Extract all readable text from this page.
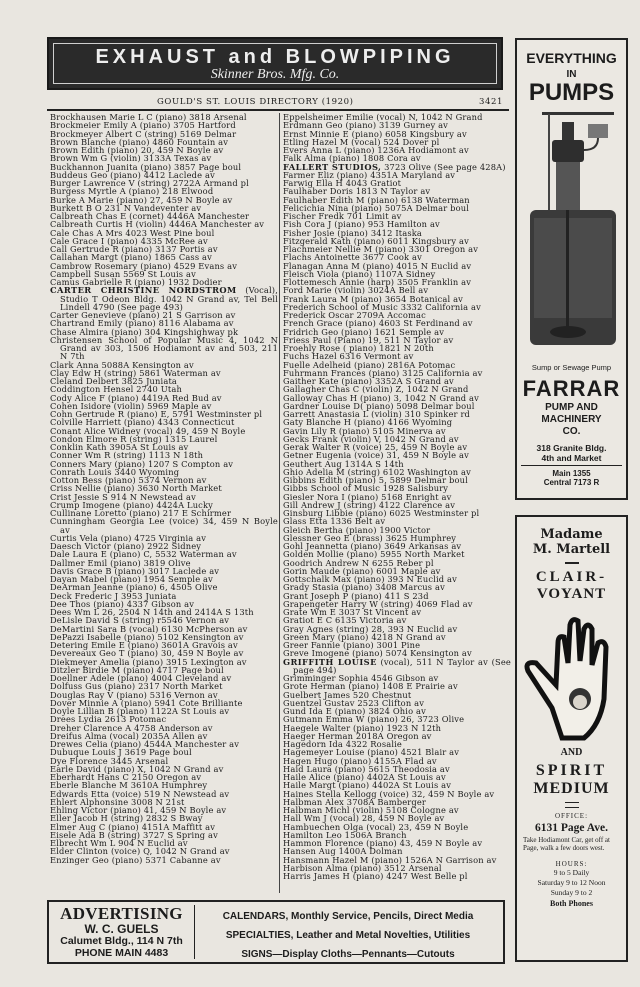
EXHAUST and BLOWPIPING
Skinner Bros. Mfg. Co.
GOULD'S ST. LOUIS DIRECTORY (1920)	3421
Brockhausen Marie L C (piano) 3818 Arsenal
Brockmeier Emily A (piano) 3705 Hartford
Brockmeyer Albert C (string) 5169 Delmar
Brown Blanche (piano) 4860 Fountain av
Brown Edith (piano) 20, 459 N Boyle av
Brown Wm G (violin) 3133A Texas av
Buckhannon Juanita (piano) 3857 Page boul
Buddeus Geo (piano) 4412 Laclede av
Burger Lawrence V (string) 2722A Armand pl
Burgess Myrtle A (piano) 218 Elwood
Burke A Marie (piano) 27, 459 N Boyle av
Burkett B O 231 N Vandeventer av
Calbreath Chas E (cornet) 4446A Manchester
Calbreath Curtis H (violin) 4446A Manchester av
Cale Chas A Mrs 4023 West Pine boul
Cale Grace I (piano) 4335 McRee av
Call Gertrude R (piano) 3137 Portis av
Callahan Margt (piano) 1865 Cass av
Cambrow Rosemary (piano) 4529 Evans av
Campbell Susan 5569 St Louis av
Camus Gabrielle R (piano) 1932 Dodier
CARTER CHRISTINE NORDSTROM (Vocal), Studio T Odeon Bldg. 1042 N Grand av, Tel Bell Lindell 4790 (See page 493)
Carter Genevieve (piano) 21 S Garrison av
Chartrand Emily (piano) 8116 Alabama av
Chase Almira (piano) 304 Kingshighway pk
Christensen School of Popular Music 4, 1042 N Grand av 303, 1506 Hodiamont av and 503, 211 N 7th
Clark Anna 5088A Kensington av
Clay Edw H (string) 5861 Waterman av
Cleland Delbert 3825 Juniata
Coddington Hensel 2740 Utah
Cody Alice F (piano) 4419A Red Bud av
Cohen Isidore (violin) 5969 Maple av
Cohn Gertrude R (piano) E, 5791 Westminster pl
Colville Harriett (piano) 4343 Connecticut
Conant Alice Widney (vocal) 49, 459 N Boyle
Condon Elmore R (string) 1315 Laurel
Conklin Kath 3905A St Louis av
Conner Wm R (string) 1113 N 18th
Conners Mary (piano) 1207 S Compton av
Conrath Louis 3440 Wyoming
Cotton Bess (piano) 5374 Vernon av
Criss Nellie (piano) 3630 North Market
Crist Jessie S 914 N Newstead av
Crump Imogene (piano) 4424A Lucky
Cullinane Loretto (piano) 217 E Schirmer
Cunningham Georgia Lee (voice) 34, 459 N Boyle av
Curtis Vela (piano) 4725 Virginia av
Daesch Victor (piano) 2922 Sidney
Dale Laura E (piano) C, 5532 Waterman av
Dallmer Emil (piano) 3819 Olive
Davis Grace B (piano) 3017 Laclede av
Dayan Mabel (piano) 1954 Semple av
DeArman Jeanne (piano) 6, 4505 Olive
Deck Frederic J 3953 Juniata
Dee Thos (piano) 4337 Gibson av
Dees Wm L 26, 2504 N 14th and 2414A S 13th
DeLisle David S (string) r5546 Vernon av
DeMartini Sara B (vocal) 6130 McPherson av
DePazzi Isabelle (piano) 5102 Kensington av
Detering Emile E (piano) 3601A Gravois av
Devereaux Geo T (piano) 30, 459 N Boyle av
Diekmeyer Amelia (piano) 3915 Lexington av
Ditzler Birdie M (piano) 4717 Page boul
Doellner Adele (piano) 4004 Cleveland av
Dolfuss Gus (piano) 2317 North Market
Douglas Ray V (piano) 5316 Vernon av
Dover Minnie A (piano) 5941 Cote Brilliante
Doyle Lillian B (piano) 1122A St Louis av
Drees Lydia 2613 Potomac
Dreher Clarence A 4758 Anderson av
Dreifus Alma (vocal) 2035A Allen av
Drewes Celia (piano) 4544A Manchester av
Dubuque Louis J 3619 Page boul
Dye Florence 3445 Arsenal
Earle David (piano) X, 1042 N Grand av
Eberhardt Hans C 2150 Oregon av
Eberle Blanche M 3610A Humphrey
Edwards Etta (voice) 519 N Newstead av
Ehlert Alphonsine 3008 N 21st
Ehling Victor (piano) 41, 459 N Boyle av
Eller Jacob H (string) 2832 S Bway
Elmer Aug C (piano) 4151A Maffitt av
Eisele Ada B (string) 3727 S Spring av
Elbrecht Wm L 904 N Euclid av
Elder Clinton (voice) Q, 1042 N Grand av
Enzinger Geo (piano) 5371 Cabanne av
Eppelsheimer Emilie (vocal) N, 1042 N Grand
Erdmann Geo (piano) 3139 Gurney av
Ernst Minnie E (piano) 6058 Kingsbury av
Etling Hazel M (vocal) 524 Dover pl
Evers Anna L (piano) 1236A Hodiamont av
Falk Alma (piano) 1808 Cora av
FALLERT STUDIOS, 3723 Olive (See page 428A)
Farmer Eliz (piano) 4351A Maryland av
Farwig Ella H 4043 Gratiot
Faulhaber Doris 1813 N Taylor av
Faulhaber Edith M (piano) 6138 Waterman
Felicichia Nina (piano) 5075A Delmar boul
Fischer Fredk 701 Limit av
Fish Cora J (piano) 953 Hamilton av
Fisher Josie (piano) 3412 Itaska
Fitzgerald Kath (piano) 6011 Kingsbury av
Flachmeier Nellie M (piano) 3301 Oregon av
Flachs Antoinette 3677 Cook av
Flanagan Anna M (piano) 4015 N Euclid av
Fleisch Viola (piano) 1107A Sidney
Flottemesch Annie (harp) 3505 Franklin av
Ford Marie (violin) 3024A Bell av
Frank Laura M (piano) 3654 Botanical av
Frederich School of Music 3332 California av
Frederick Oscar 2709A Accomac
French Grace (piano) 4603 St Ferdinand av
Fridrich Geo (piano) 1621 Semple av
Friess Paul (Piano) 19, 511 N Taylor av
Froehly Rose ( piano) 1821 N 20th
Fuchs Hazel 6316 Vermont av
Fuelle Adelheid (piano) 2816A Potomac
Fuhrmann Frances (piano) 3125 California av
Gaither Kate (piano) 3352A S Grand av
Gallagher Chas C (violin) Z, 1042 N Grand
Galloway Chas H (piano) 3, 1042 N Grand av
Gardner Louise D( piano) 5098 Delmar boul
Garrett Anastasia L (violin) 310 Spinker rd
Gaty Blanche H (piano) 4166 Wyoming
Gavin Lily R (piano) 5105 Minerva av
Gecks Frank (violin) V, 1042 N Grand av
Gerak Walter R (voice) 25, 459 N Boyle av
Getner Eugenia (voice) 31, 459 N Boyle av
Geuthert Aug 1314A S 14th
Ghio Adelia M (string) 6102 Washington av
Gibbins Edith (piano) 5, 5899 Delmar boul
Gibbs School of Music 1928 Salisbury
Giesler Nora I (piano) 5168 Enright av
Gill Andrew J (string) 4122 Clarence av
Ginsburg Libbie (piano) 6025 Westminster pl
Glass Etta 1336 Belt av
Gleich Bertha (piano) 1900 Victor
Glessner Geo E (brass) 3625 Humphrey
Gohl Jeannetta (piano) 3649 Arkansas av
Golden Mollie (piano) 5955 North Market
Goodrich Andrew N 6255 Reber pl
Gorin Maude (piano) 6001 Maple av
Gottschalk Max (piano) 393 N Euclid av
Grady Stasia (piano) 3408 Marcus av
Grant Joseph P (piano) 411 S 23d
Grapengeter Harry W (string) 4069 Flad av
Grate Wm E 3037 St Vincent av
Gratiot E C 6135 Victoria av
Gray Agnes (string) 28, 393 N Euclid av
Green Mary (piano) 4218 N Grand av
Greer Fannie (piano) 3001 Pine
Greve Imogene (piano) 5074 Kensington av
GRIFFITH LOUISE (vocal), 511 N Taylor av (See page 494)
Grimminger Sophia 4546 Gibson av
Grote Herman (piano) 1408 E Prairie av
Guelbert James 520 Chestnut
Guentzel Gustav 2523 Clifton av
Gund Ida E (piano) 3824 Ohio av
Gutmann Emma W (piano) 26, 3723 Olive
Haegele Walter (piano) 1923 N 12th
Haeger Herman 2018A Oregon av
Hagedorn Ida 4322 Rosalie
Hagemeyer Louise (piano) 4521 Blair av
Hagen Hugo (piano) 4155A Flad av
Haid Laura (piano) 5615 Theodosia av
Haile Alice (piano) 4402A St Louis av
Haile Margt (piano) 4402A St Louis av
Haines Stella Kellogg (voice) 32, 459 N Boyle av
Halbman Alex 3708A Bamberger
Halbman Michl (violin) 5108 Cologne av
Hall Wm J (vocal) 28, 459 N Boyle av
Hambuechen Olga (vocal) 23, 459 N Boyle
Hamilton Leo 1506A Branch
Hammon Florence (piano) 43, 459 N Boyle av
Hansen Aug 1400A Dolman
Hansmann Hazel M (piano) 1526A N Garrison av
Harbison Alma (piano) 3512 Arsenal
Harris James H (piano) 4247 West Belle pl
ADVERTISING
W. C. GUELS
Calumet Bldg., 114 N 7th
PHONE MAIN 4483
CALENDARS, Monthly Service, Pencils, Direct Media
SPECIALTIES, Leather and Metal Novelties, Utilities
SIGNS—Display Cloths—Pennants—Cutouts
EVERYTHING
IN
PUMPS
Sump or Sewage Pump
FARRAR
PUMP AND
MACHINERY
CO.
318 Granite Bldg.
4th and Market
Main 1355
Central 7173 R
Madame
M. Martell
CLAIR-
VOYANT
AND
SPIRIT
MEDIUM
OFFICE:
6131 Page Ave.
Take Hodiamont Car, get off at Page, walk a few doors west.
HOURS:
9 to 5 Daily
Saturday 9 to 12 Noon
Sunday 9 to 2
Both Phones
